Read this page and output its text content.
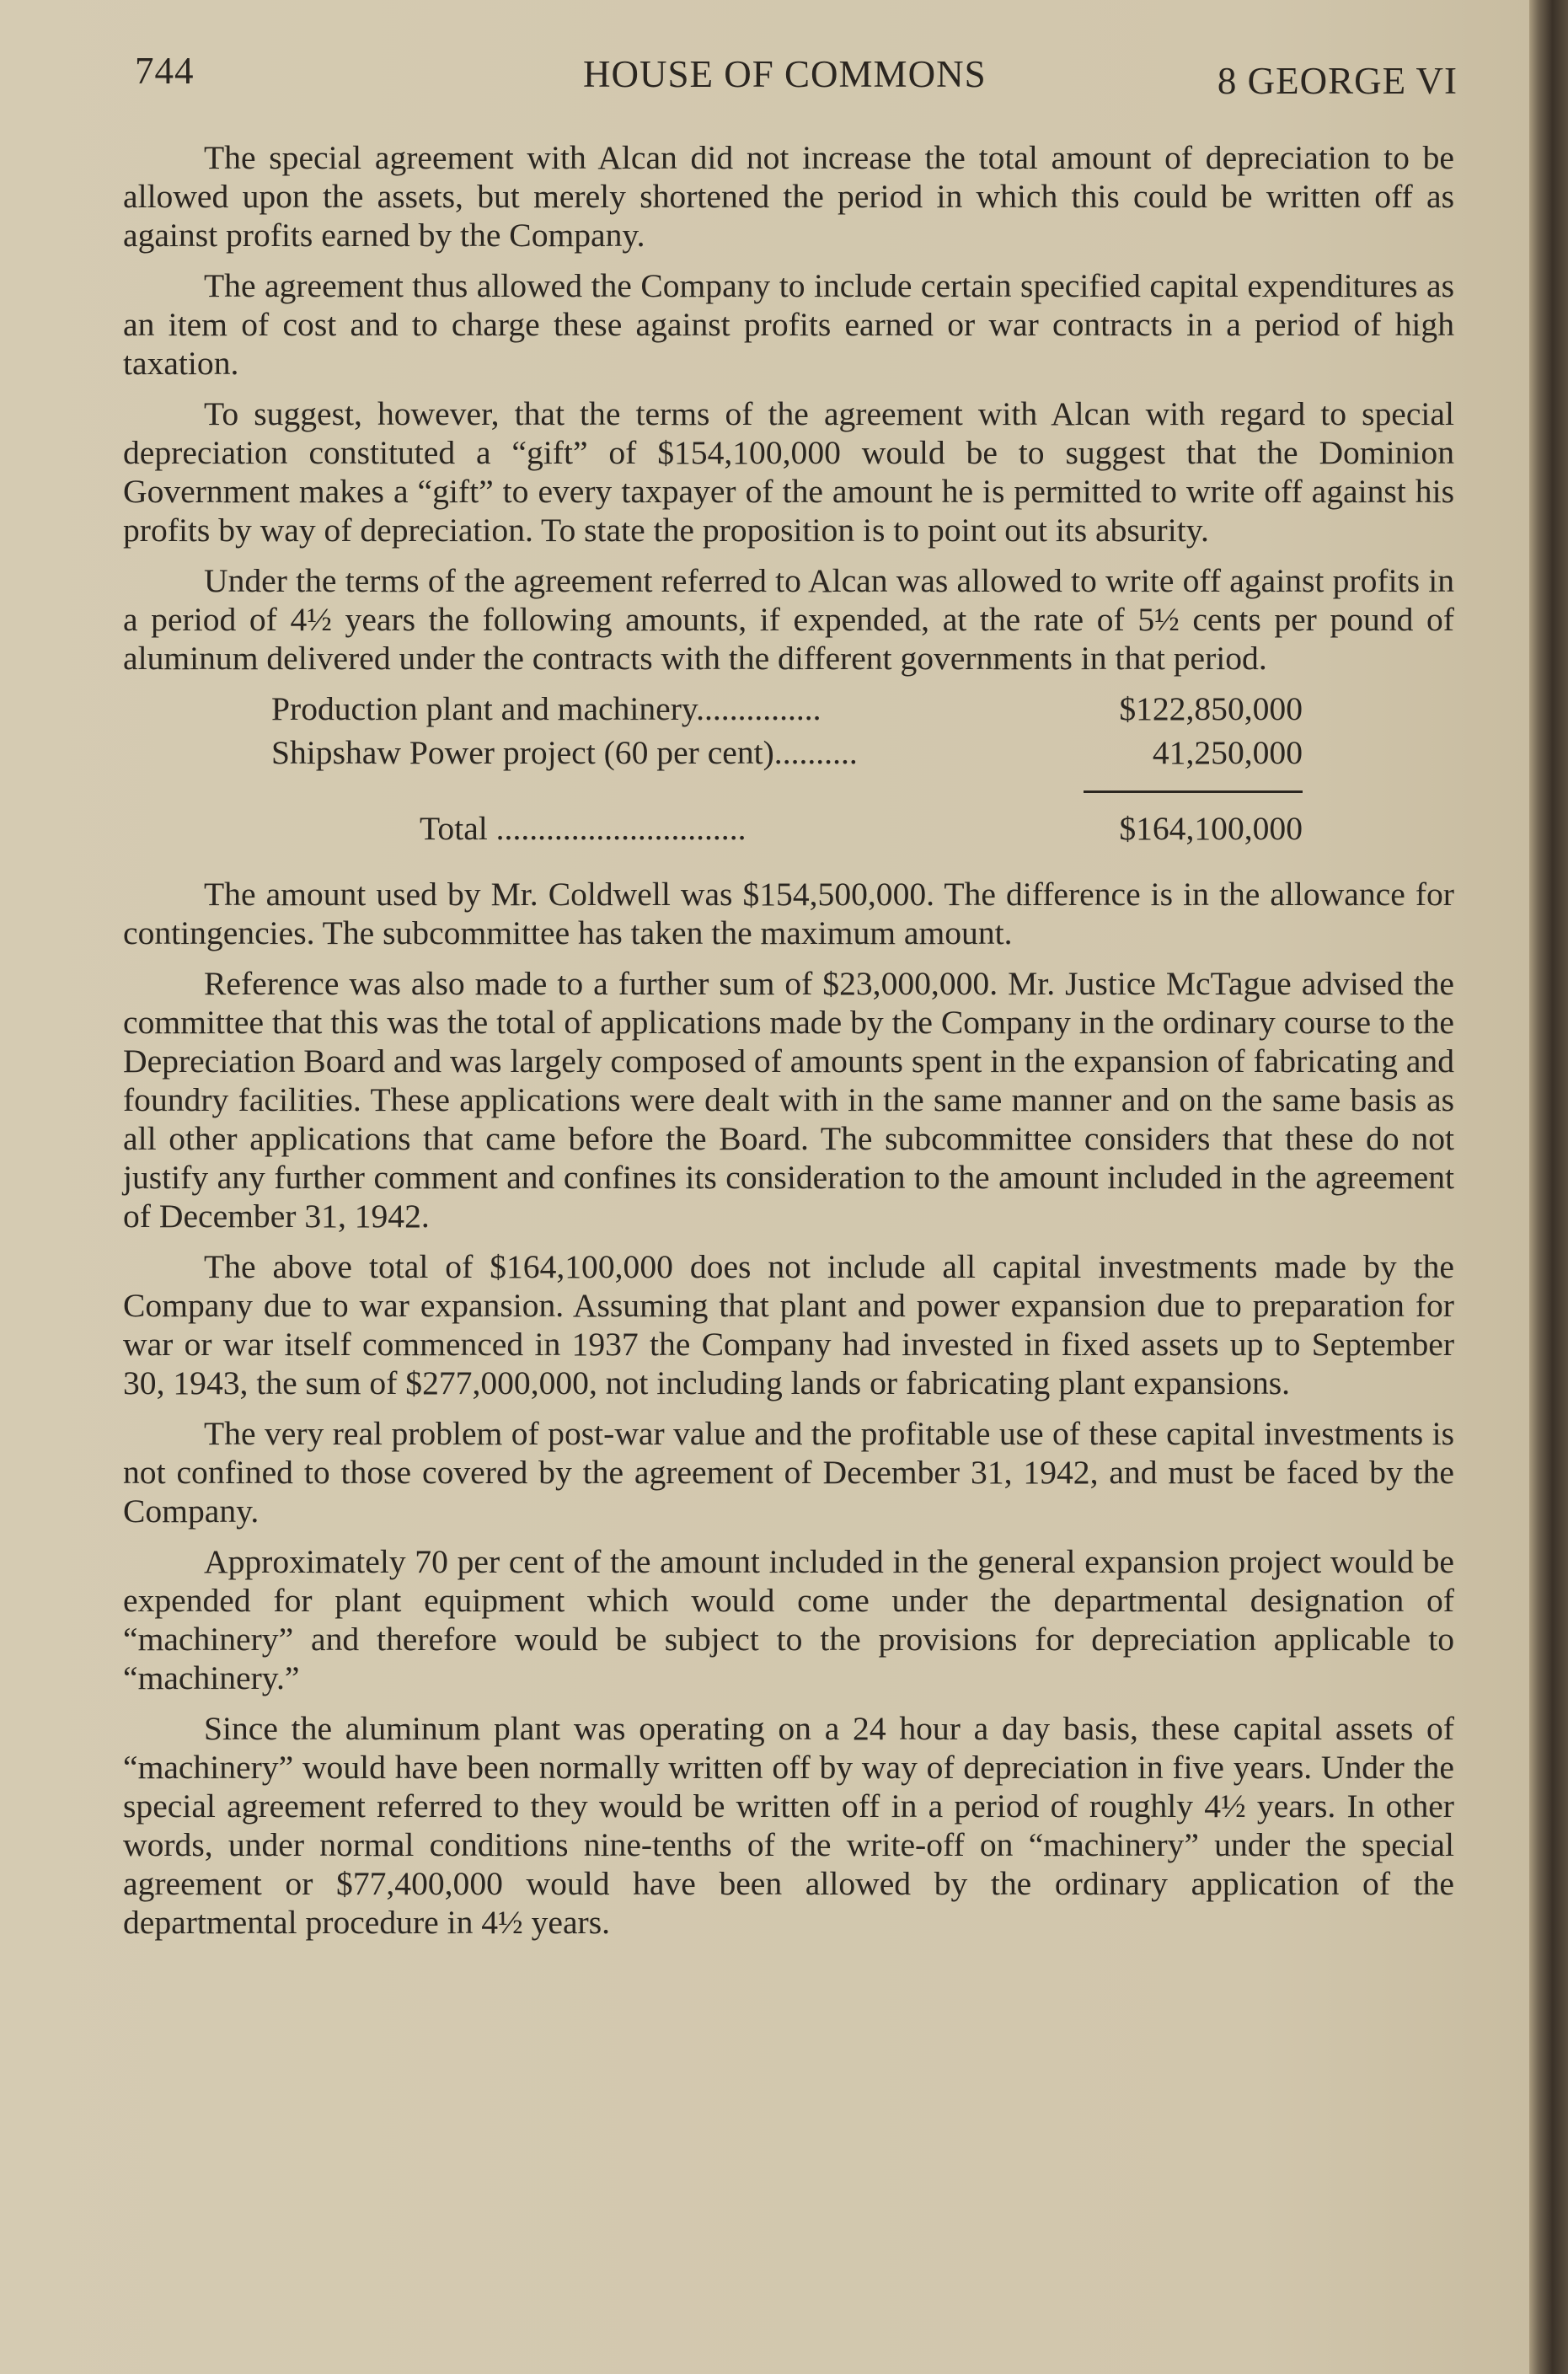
744	HOUSE OF COMMONS	8 GEORGE VI

The special agreement with Alcan did not increase the total amount of depreciation to be allowed upon the assets, but merely shortened the period in which this could be written off as against profits earned by the Company.

The agreement thus allowed the Company to include certain specified capital expenditures as an item of cost and to charge these against profits earned or war contracts in a period of high taxation.

To suggest, however, that the terms of the agreement with Alcan with regard to special depreciation constituted a “gift” of $154,100,000 would be to suggest that the Dominion Government makes a “gift” to every taxpayer of the amount he is permitted to write off against his profits by way of depreciation. To state the proposition is to point out its absurity.

Under the terms of the agreement referred to Alcan was allowed to write off against profits in a period of 4½ years the following amounts, if expended, at the rate of 5½ cents per pound of aluminum delivered under the contracts with the different governments in that period.

Production plant and machinery...............	$122,850,000
Shipshaw Power project (60 per cent)..........	41,250,000
Total ..............................	$164,100,000

The amount used by Mr. Coldwell was $154,500,000. The difference is in the allowance for contingencies. The subcommittee has taken the maximum amount.

Reference was also made to a further sum of $23,000,000. Mr. Justice McTague advised the committee that this was the total of applications made by the Company in the ordinary course to the Depreciation Board and was largely composed of amounts spent in the expansion of fabricating and foundry facilities. These applications were dealt with in the same manner and on the same basis as all other applications that came before the Board. The subcommittee considers that these do not justify any further comment and confines its consideration to the amount included in the agreement of December 31, 1942.

The above total of $164,100,000 does not include all capital investments made by the Company due to war expansion. Assuming that plant and power expansion due to preparation for war or war itself commenced in 1937 the Company had invested in fixed assets up to September 30, 1943, the sum of $277,000,000, not including lands or fabricating plant expansions.

The very real problem of post-war value and the profitable use of these capital investments is not confined to those covered by the agreement of December 31, 1942, and must be faced by the Company.

Approximately 70 per cent of the amount included in the general expansion project would be expended for plant equipment which would come under the departmental designation of “machinery” and therefore would be subject to the provisions for depreciation applicable to “machinery.”

Since the aluminum plant was operating on a 24 hour a day basis, these capital assets of “machinery” would have been normally written off by way of depreciation in five years. Under the special agreement referred to they would be written off in a period of roughly 4½ years. In other words, under normal conditions nine-tenths of the write-off on “machinery” under the special agreement or $77,400,000 would have been allowed by the ordinary application of the departmental procedure in 4½ years.
